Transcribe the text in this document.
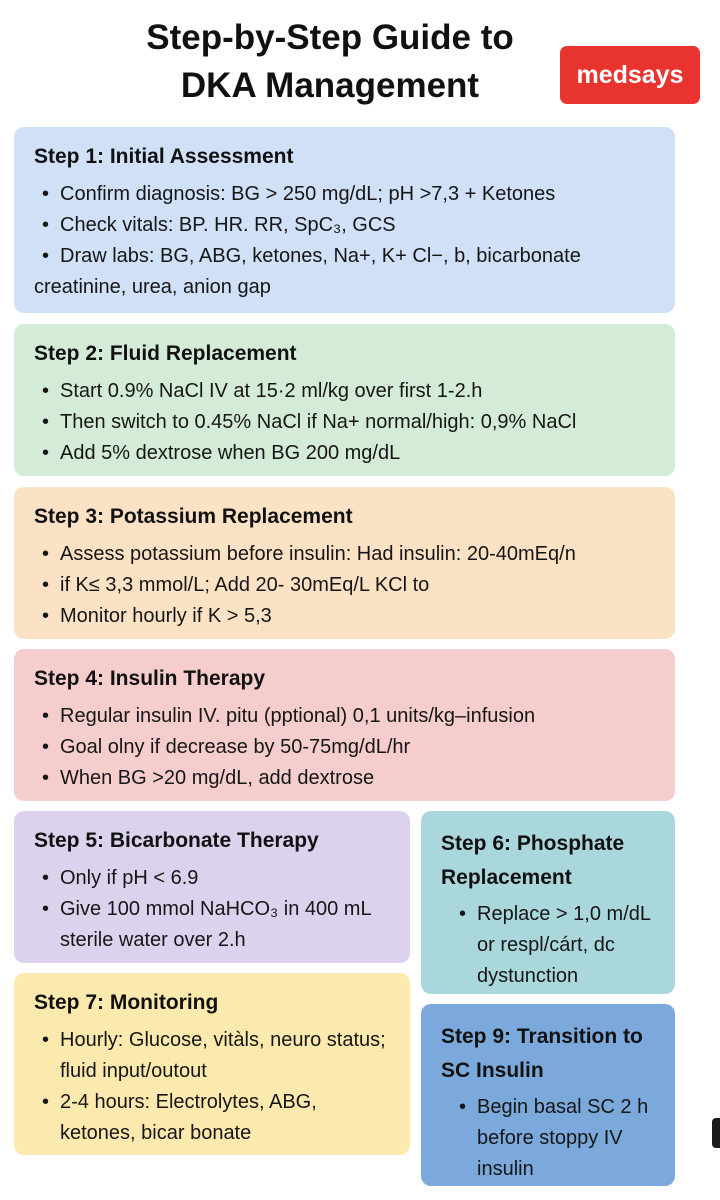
Step-by-Step Guide to
DKA Management	medsays
Step 1: Initial Assessment
• Confirm diagnosis: BG > 250 mg/dL; pH >7,3 + Ketones
• Check vitals: BP. HR. RR, SpC₃, GCS
• Draw labs: BG, ABG, ketones, Na+, K+ Cl−, b, bicarbonate
creatinine, urea, anion gap
Step 2: Fluid Replacement
• Start 0.9% NaCl IV at 15·2 ml/kg over first 1-2.h
• Then switch to 0.45% NaCl if Na+ normal/high: 0,9% NaCl
• Add 5% dextrose when BG 200 mg/dL
Step 3: Potassium Replacement
• Assess potassium before insulin: Had insulin: 20-40mEq/n
• if K≤ 3,3 mmol/L; Add 20- 30mEq/L KCl to
• Monitor hourly if K > 5,3
Step 4: Insulin Therapy
• Regular insulin IV. pitu (pptional) 0,1 units/kg–infusion
• Goal olny if decrease by 50-75mg/dL/hr
• When BG >20 mg/dL, add dextrose
Step 5: Bicarbonate Therapy
• Only if pH < 6.9
• Give 100 mmol NaHCO₃ in 400 mL sterile water over 2.h
Step 6: Phosphate Replacement
• Replace > 1,0 m/dL or respl/cárt, dc dystunction
Step 7: Monitoring
• Hourly: Glucose, vitàls, neuro status; fluid input/outout
• 2-4 hours: Electrolytes, ABG, ketones, bicar bonate
Step 9: Transition to SC Insulin
• Begin basal SC 2 h before stoppy IV insulin
